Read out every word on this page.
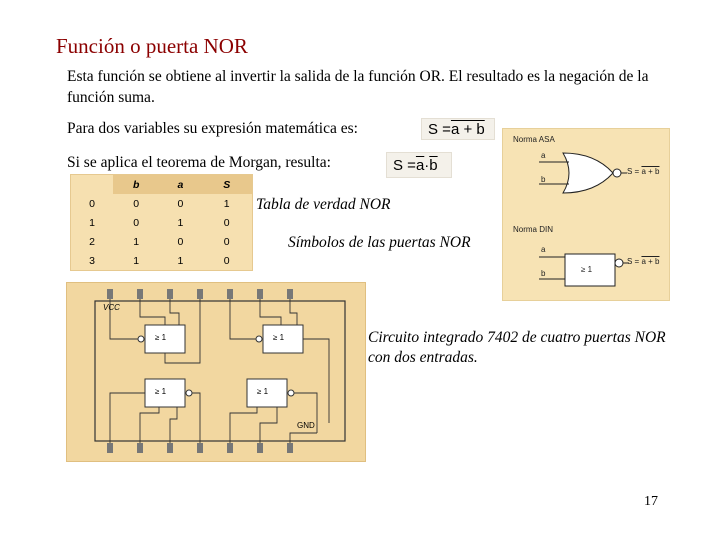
Función o puerta NOR
Esta función se obtiene al invertir la salida de la función OR. El resultado es la negación de la función suma.
Para dos variables su expresión matemática es:	S = a + b
Si se aplica el teorema de Morgan, resulta:	$S = \overline{a} \cdot \overline{b}$
	b	a	S
0	0	0	1
1	0	1	0
2	1	0	0
3	1	1	0
Tabla de verdad NOR
Símbolos de las puertas NOR
Norma ASA
a
b
S = a + b
Norma DIN
a
b	≥ 1
S = a + b
VCC
GND
≥ 1	≥ 1
≥ 1	≥ 1
Circuito integrado 7402 de cuatro puertas NOR con dos entradas.
17
